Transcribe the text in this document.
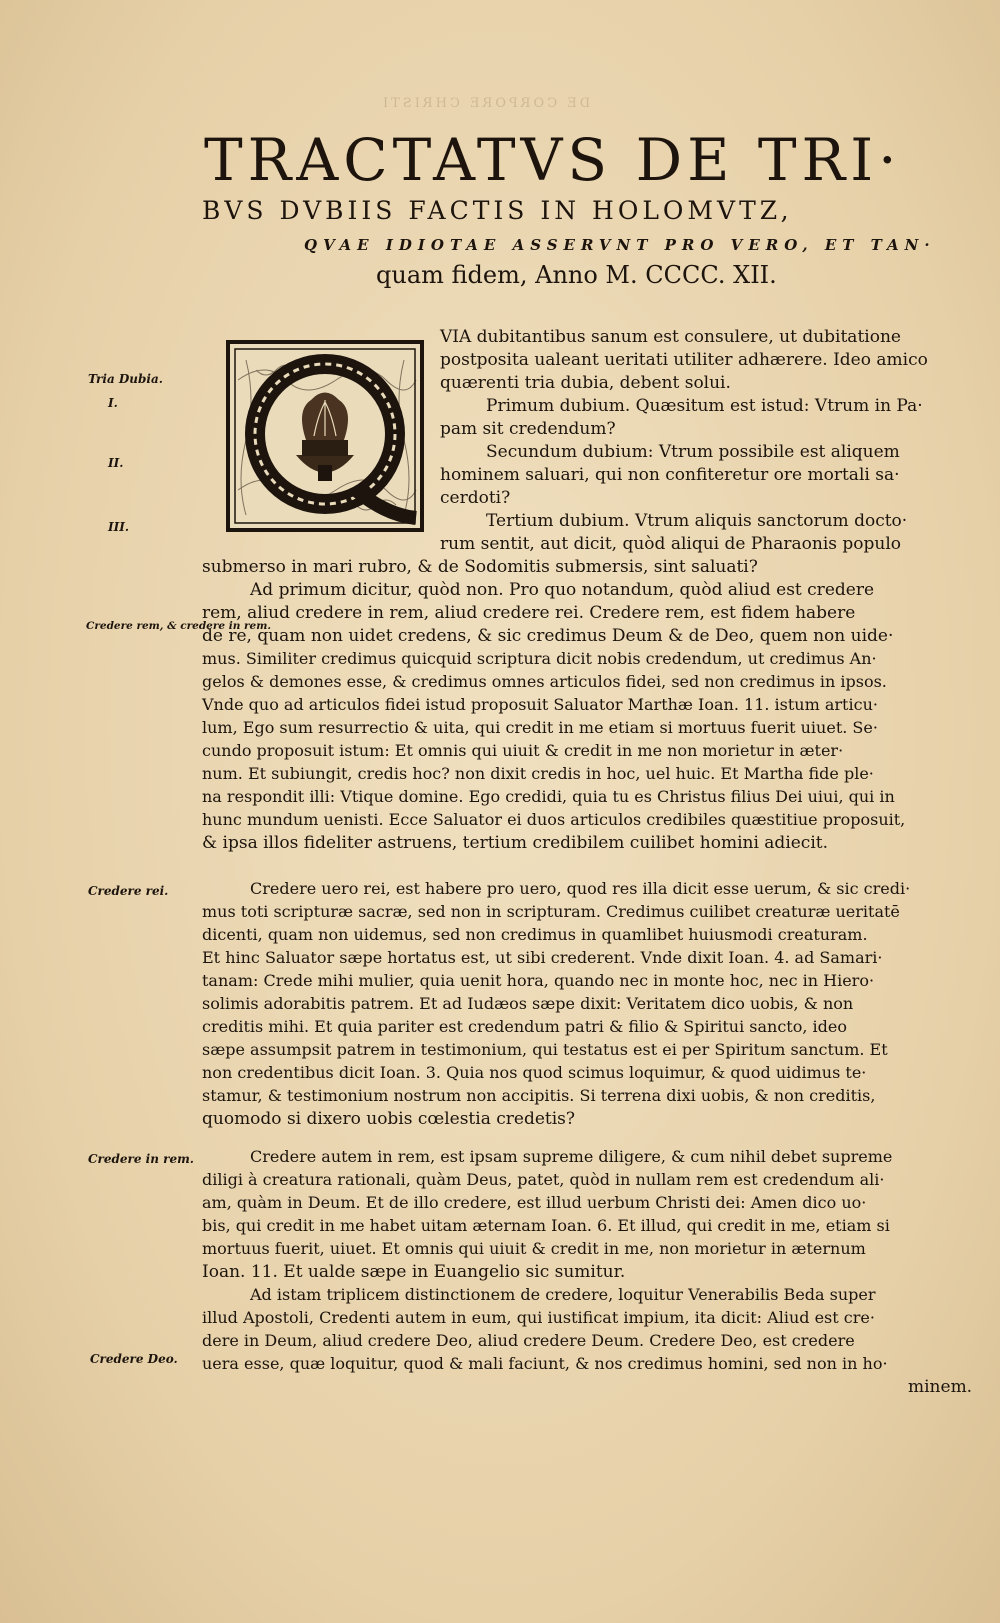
DE CORPORE CHRISTI
TRACTATVS DE TRI·
BVS DVBIIS FACTIS IN HOLOMVTZ,
QVAE IDIOTAE ASSERVNT PRO VERO, ET TAN·
quam fidem, Anno M. CCCC. XII.
Tria Dubia.
I.
II.
III.
Credere rem, & credere in rem.
Credere rei.
Credere in rem.
Credere Deo.
VIA dubitantibus sanum est consulere, ut dubitatione
postposita ualeant ueritati utiliter adhærere. Ideo amico
quærenti tria dubia, debent solui.
Primum dubium. Quæsitum est istud: Vtrum in Pa·
pam sit credendum?
Secundum dubium: Vtrum possibile est aliquem
hominem saluari, qui non confiteretur ore mortali sa·
cerdoti?
Tertium dubium. Vtrum aliquis sanctorum docto·
rum sentit, aut dicit, quòd aliqui de Pharaonis populo
submerso in mari rubro, & de Sodomitis submersis, sint saluati?
Ad primum dicitur, quòd non. Pro quo notandum, quòd aliud est credere
rem, aliud credere in rem, aliud credere rei. Credere rem, est fidem habere
de re, quam non uidet credens, & sic credimus Deum & de Deo, quem non uide·
mus. Similiter credimus quicquid scriptura dicit nobis credendum, ut credimus An·
gelos & demones esse, & credimus omnes articulos fidei, sed non credimus in ipsos.
Vnde quo ad articulos fidei istud proposuit Saluator Marthæ Ioan. 11. istum articu·
lum, Ego sum resurrectio & uita, qui credit in me etiam si mortuus fuerit uiuet. Se·
cundo proposuit istum: Et omnis qui uiuit & credit in me non morietur in æter·
num. Et subiungit, credis hoc? non dixit credis in hoc, uel huic. Et Martha fide ple·
na respondit illi: Vtique domine. Ego credidi, quia tu es Christus filius Dei uiui, qui in
hunc mundum uenisti. Ecce Saluator ei duos articulos credibiles quæstitiue proposuit,
& ipsa illos fideliter astruens, tertium credibilem cuilibet homini adiecit.
Credere uero rei, est habere pro uero, quod res illa dicit esse uerum, & sic credi·
mus toti scripturæ sacræ, sed non in scripturam. Credimus cuilibet creaturæ ueritatē
dicenti, quam non uidemus, sed non credimus in quamlibet huiusmodi creaturam.
Et hinc Saluator sæpe hortatus est, ut sibi crederent. Vnde dixit Ioan. 4. ad Samari·
tanam: Crede mihi mulier, quia uenit hora, quando nec in monte hoc, nec in Hiero·
solimis adorabitis patrem. Et ad Iudæos sæpe dixit: Veritatem dico uobis, & non
creditis mihi. Et quia pariter est credendum patri & filio & Spiritui sancto, ideo
sæpe assumpsit patrem in testimonium, qui testatus est ei per Spiritum sanctum. Et
non credentibus dicit Ioan. 3. Quia nos quod scimus loquimur, & quod uidimus te·
stamur, & testimonium nostrum non accipitis. Si terrena dixi uobis, & non creditis,
quomodo si dixero uobis cœlestia credetis?
Credere autem in rem, est ipsam supreme diligere, & cum nihil debet supreme
diligi à creatura rationali, quàm Deus, patet, quòd in nullam rem est credendum ali·
am, quàm in Deum. Et de illo credere, est illud uerbum Christi dei: Amen dico uo·
bis, qui credit in me habet uitam æternam Ioan. 6. Et illud, qui credit in me, etiam si
mortuus fuerit, uiuet. Et omnis qui uiuit & credit in me, non morietur in æternum
Ioan. 11. Et ualde sæpe in Euangelio sic sumitur.
Ad istam triplicem distinctionem de credere, loquitur Venerabilis Beda super
illud Apostoli, Credenti autem in eum, qui iustificat impium, ita dicit: Aliud est cre·
dere in Deum, aliud credere Deo, aliud credere Deum. Credere Deo, est credere
uera esse, quæ loquitur, quod & mali faciunt, & nos credimus homini, sed non in ho·
minem.
